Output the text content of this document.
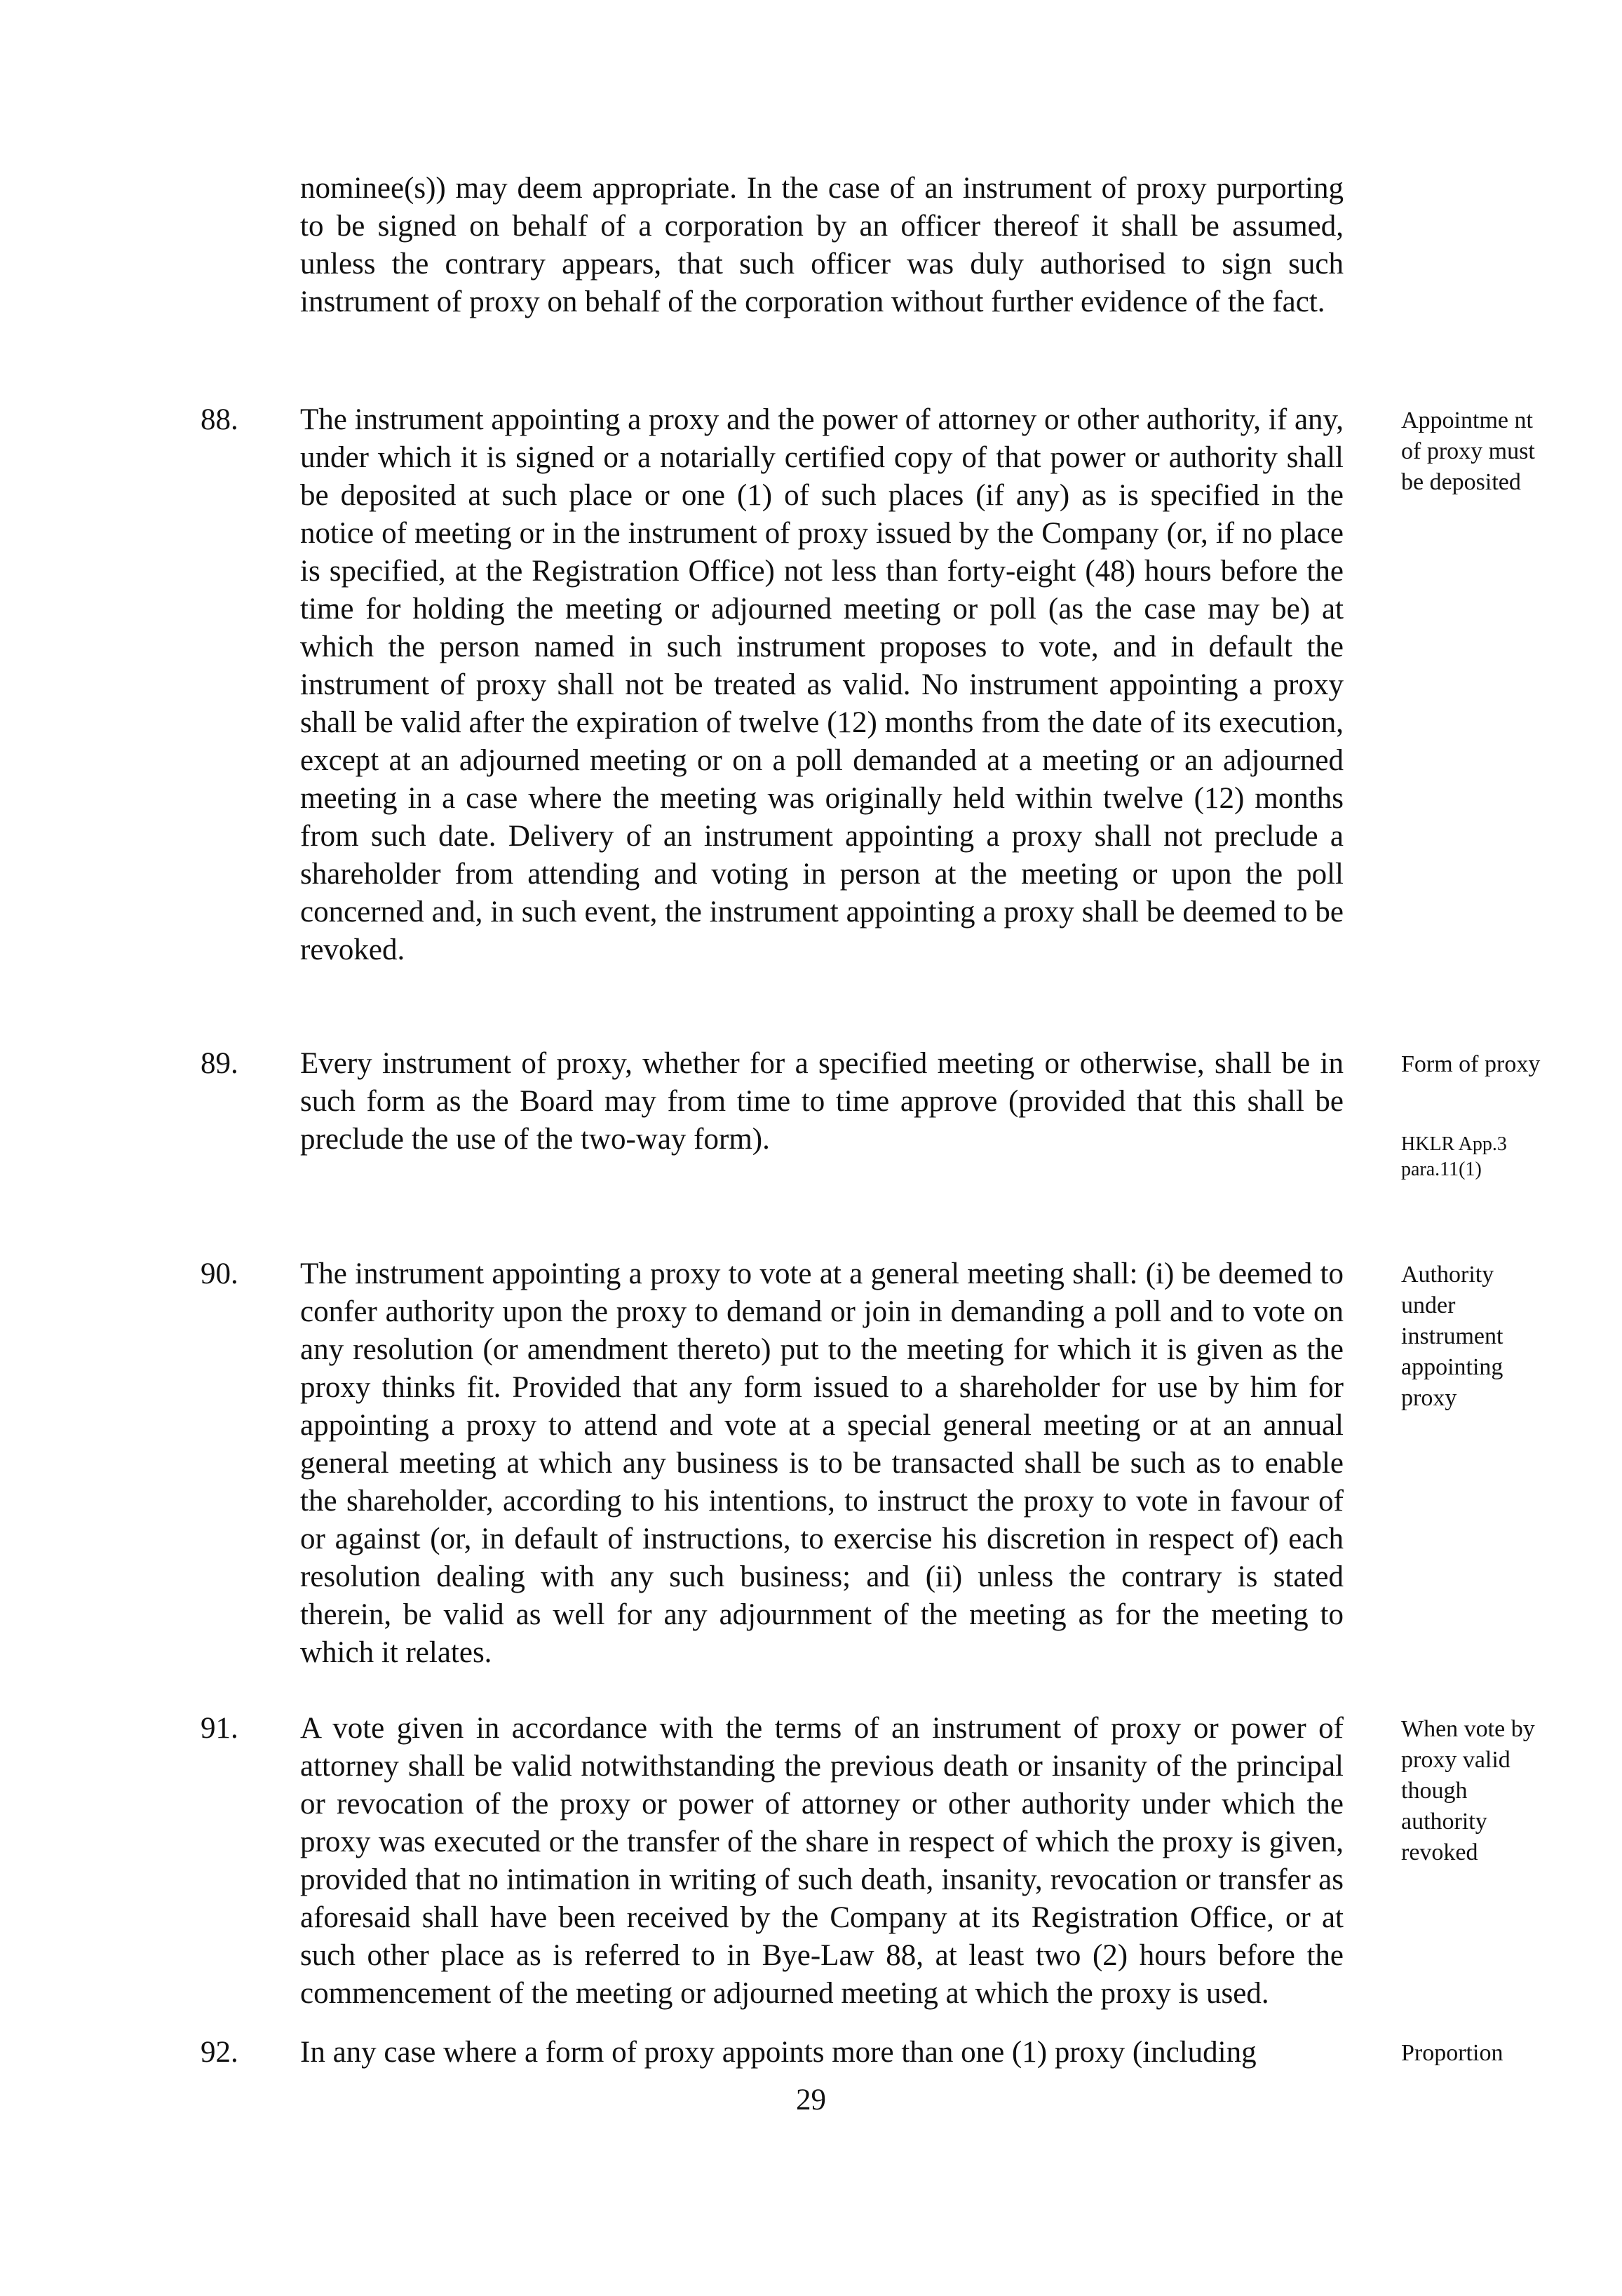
nominee(s)) may deem appropriate. In the case of an instrument of proxy purporting to be signed on behalf of a corporation by an officer thereof it shall be assumed, unless the contrary appears, that such officer was duly authorised to sign such instrument of proxy on behalf of the corporation without further evidence of the fact.
88. The instrument appointing a proxy and the power of attorney or other authority, if any, under which it is signed or a notarially certified copy of that power or authority shall be deposited at such place or one (1) of such places (if any) as is specified in the notice of meeting or in the instrument of proxy issued by the Company (or, if no place is specified, at the Registration Office) not less than forty-eight (48) hours before the time for holding the meeting or adjourned meeting or poll (as the case may be) at which the person named in such instrument proposes to vote, and in default the instrument of proxy shall not be treated as valid. No instrument appointing a proxy shall be valid after the expiration of twelve (12) months from the date of its execution, except at an adjourned meeting or on a poll demanded at a meeting or an adjourned meeting in a case where the meeting was originally held within twelve (12) months from such date. Delivery of an instrument appointing a proxy shall not preclude a shareholder from attending and voting in person at the meeting or upon the poll concerned and, in such event, the instrument appointing a proxy shall be deemed to be revoked.
Appointme nt of proxy must be deposited
89. Every instrument of proxy, whether for a specified meeting or otherwise, shall be in such form as the Board may from time to time approve (provided that this shall be preclude the use of the two-way form).
Form of proxy
HKLR App.3 para.11(1)
90. The instrument appointing a proxy to vote at a general meeting shall: (i) be deemed to confer authority upon the proxy to demand or join in demanding a poll and to vote on any resolution (or amendment thereto) put to the meeting for which it is given as the proxy thinks fit. Provided that any form issued to a shareholder for use by him for appointing a proxy to attend and vote at a special general meeting or at an annual general meeting at which any business is to be transacted shall be such as to enable the shareholder, according to his intentions, to instruct the proxy to vote in favour of or against (or, in default of instructions, to exercise his discretion in respect of) each resolution dealing with any such business; and (ii) unless the contrary is stated therein, be valid as well for any adjournment of the meeting as for the meeting to which it relates.
Authority under instrument appointing proxy
91. A vote given in accordance with the terms of an instrument of proxy or power of attorney shall be valid notwithstanding the previous death or insanity of the principal or revocation of the proxy or power of attorney or other authority under which the proxy was executed or the transfer of the share in respect of which the proxy is given, provided that no intimation in writing of such death, insanity, revocation or transfer as aforesaid shall have been received by the Company at its Registration Office, or at such other place as is referred to in Bye-Law 88, at least two (2) hours before the commencement of the meeting or adjourned meeting at which the proxy is used.
When vote by proxy valid though authority revoked
92. In any case where a form of proxy appoints more than one (1) proxy (including	Proportion
29
